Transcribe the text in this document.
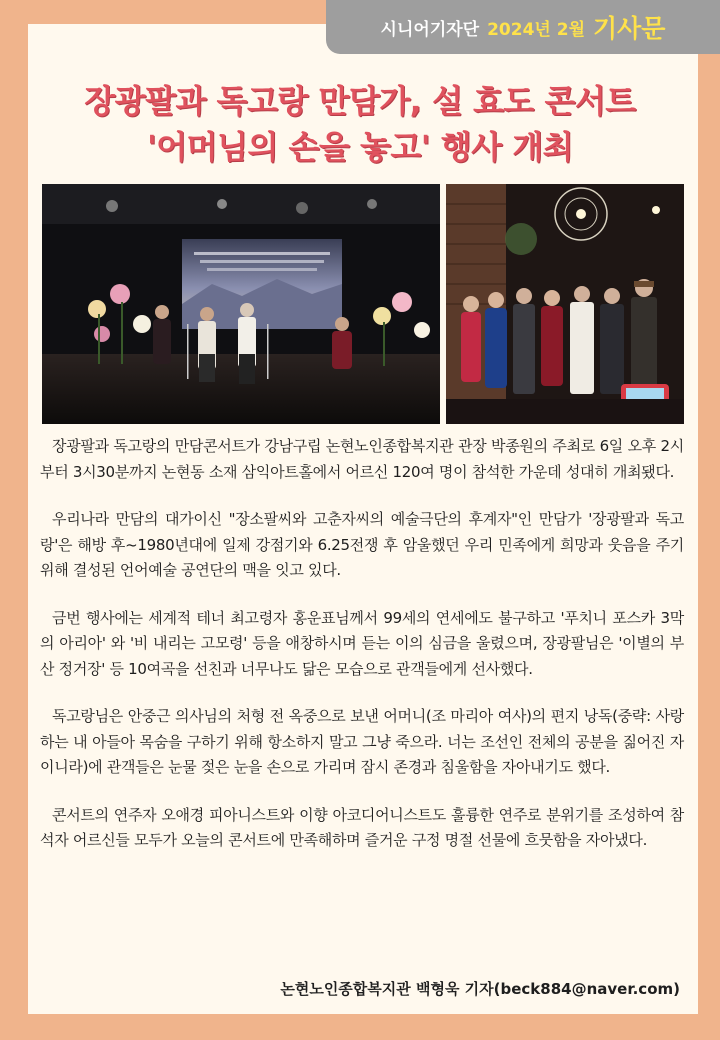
시니어기자단 2024년 2월 기사문
장광팔과 독고랑 만담가, 설 효도 콘서트
'어머님의 손을 놓고' 행사 개최

장광팔과 독고랑의 만담콘서트가 강남구립 논현노인종합복지관 관장 박종원의 주최로 6일 오후 2시부터 3시30분까지 논현동 소재 삼익아트홀에서 어르신 120여 명이 참석한 가운데 성대히 개최됐다.

우리나라 만담의 대가이신 "장소팔씨와 고춘자씨의 예술극단의 후계자"인 만담가 '장광팔과 독고랑'은 해방 후~1980년대에 일제 강점기와 6.25전쟁 후 암울했던 우리 민족에게 희망과 웃음을 주기 위해 결성된 언어예술 공연단의 맥을 잇고 있다.

금번 행사에는 세계적 테너 최고령자 홍운표님께서 99세의 연세에도 불구하고 '푸치니 포스카 3막의 아리아' 와 '비 내리는 고모령' 등을 애창하시며 듣는 이의 심금을 울렸으며, 장광팔님은 '이별의 부산 정거장' 등 10여곡을 선친과 너무나도 닮은 모습으로 관객들에게 선사했다.

독고랑님은 안중근 의사님의 처형 전 옥중으로 보낸 어머니(조 마리아 여사)의 편지 낭독(중략: 사랑하는 내 아들아 목숨을 구하기 위해 항소하지 말고 그냥 죽으라. 너는 조선인 전체의 공분을 짊어진 자 이니라)에 관객들은 눈물 젖은 눈을 손으로 가리며 잠시 존경과 침울함을 자아내기도 했다.

콘서트의 연주자 오애경 피아니스트와 이향 아코디어니스트도 훌륭한 연주로 분위기를 조성하여 참석자 어르신들 모두가 오늘의 콘서트에 만족해하며 즐거운 구정 명절 선물에 흐뭇함을 자아냈다.

논현노인종합복지관 백형욱 기자(beck884@naver.com)
